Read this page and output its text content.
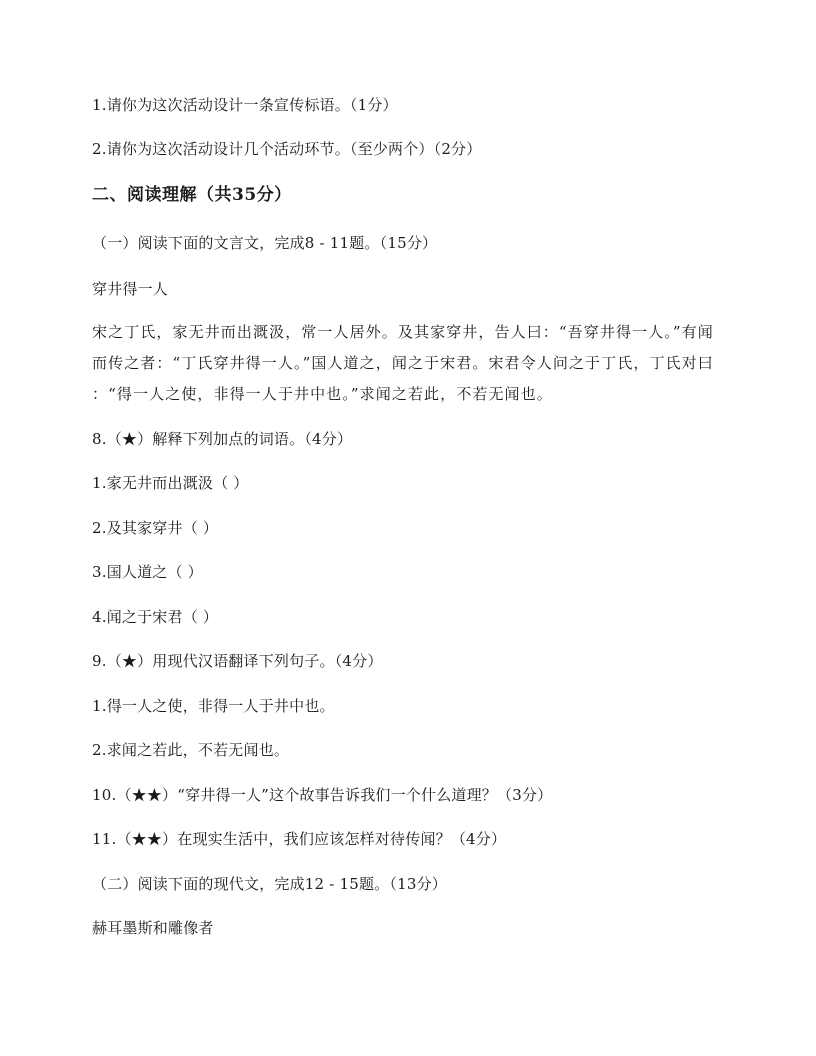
1.请你为这次活动设计一条宣传标语。（1分）
2.请你为这次活动设计几个活动环节。（至少两个）（2分）
二、阅读理解（共35分）
（一）阅读下面的文言文，完成8 - 11题。（15分）
穿井得一人
宋之丁氏，家无井而出溉汲，常一人居外。及其家穿井，告人曰：“吾穿井得一人。”有闻
而传之者：“丁氏穿井得一人。”国人道之，闻之于宋君。宋君令人问之于丁氏，丁氏对曰
：“得一人之使，非得一人于井中也。”求闻之若此，不若无闻也。
8.（★）解释下列加点的词语。（4分）
1.家无井而出溉汲（ ）
2.及其家穿井（ ）
3.国人道之（ ）
4.闻之于宋君（ ）
9.（★）用现代汉语翻译下列句子。（4分）
1.得一人之使，非得一人于井中也。
2.求闻之若此，不若无闻也。
10.（★★）“穿井得一人”这个故事告诉我们一个什么道理？（3分）
11.（★★）在现实生活中，我们应该怎样对待传闻？（4分）
（二）阅读下面的现代文，完成12 - 15题。（13分）
赫耳墨斯和雕像者
